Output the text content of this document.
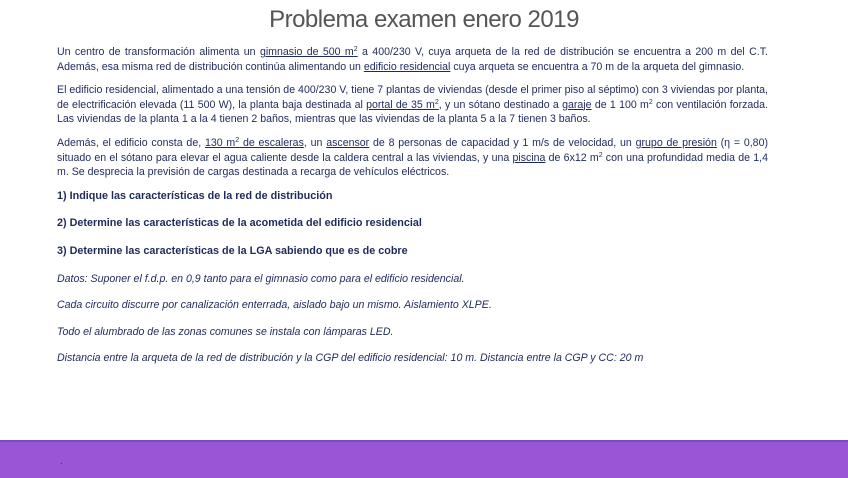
Problema examen enero 2019

Un centro de transformación alimenta un gimnasio de 500 $m^2$ a 400/230 V, cuya arqueta de la red de distribución se encuentra a 200 m del C.T. Además, esa misma red de distribución continúa alimentando un edificio residencial cuya arqueta se encuentra a 70 m de la arqueta del gimnasio.

El edificio residencial, alimentado a una tensión de 400/230 V, tiene 7 plantas de viviendas (desde el primer piso al séptimo) con 3 viviendas por planta, de electrificación elevada (11 500 W), la planta baja destinada al portal de 35 $m^2$, y un sótano destinado a garaje de 1 100 $m^2$ con ventilación forzada. Las viviendas de la planta 1 a la 4 tienen 2 baños, mientras que las viviendas de la planta 5 a la 7 tienen 3 baños.

Además, el edificio consta de, 130 $m^2$ de escaleras, un ascensor de 8 personas de capacidad y 1 m/s de velocidad, un grupo de presión (η = 0,80) situado en el sótano para elevar el agua caliente desde la caldera central a las viviendas, y una piscina de 6x12 $m^2$ con una profundidad media de 1,4 m. Se desprecia la previsión de cargas destinada a recarga de vehículos eléctricos.

1) Indique las características de la red de distribución

2) Determine las características de la acometida del edificio residencial

3) Determine las características de la LGA sabiendo que es de cobre

Datos: Suponer el f.d.p. en 0,9 tanto para el gimnasio como para el edificio residencial.

Cada circuito discurre por canalización enterrada, aislado bajo un mismo. Aislamiento XLPE.

Todo el alumbrado de las zonas comunes se instala con lámparas LED.

Distancia entre la arqueta de la red de distribución y la CGP del edificio residencial: 10 m. Distancia entre la CGP y CC: 20 m

.
